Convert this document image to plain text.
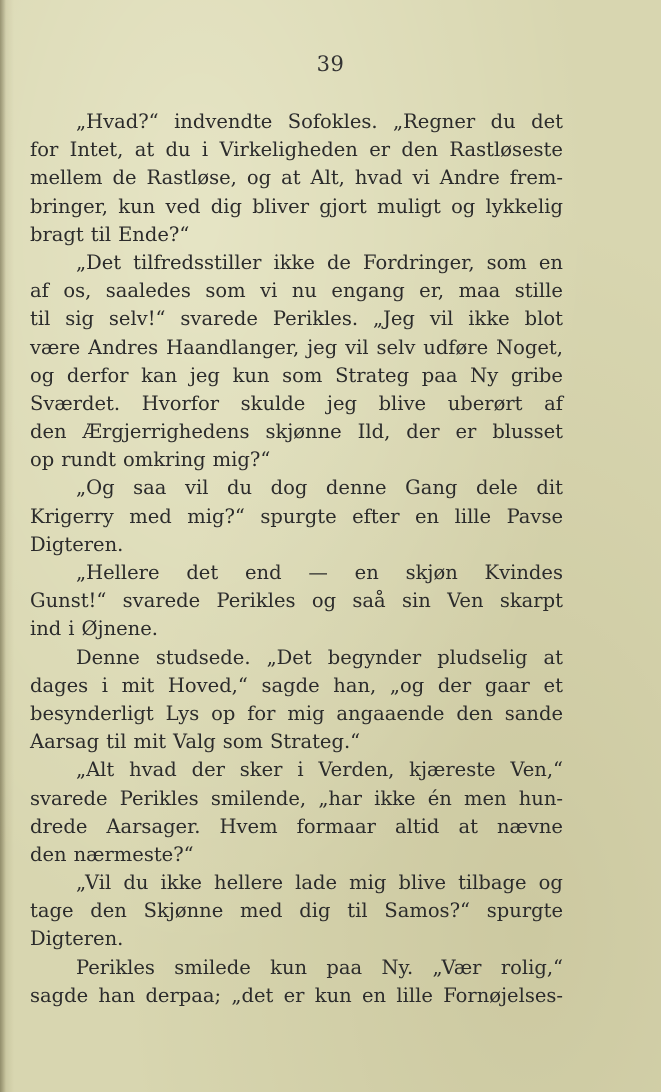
39
„Hvad?“ indvendte Sofokles. „Regner du det
for Intet, at du i Virkeligheden er den Rastløseste
mellem de Rastløse, og at Alt, hvad vi Andre frem-
bringer, kun ved dig bliver gjort muligt og lykkelig
bragt til Ende?“
„Det tilfredsstiller ikke de Fordringer, som en
af os, saaledes som vi nu engang er, maa stille
til sig selv!“ svarede Perikles. „Jeg vil ikke blot
være Andres Haandlanger, jeg vil selv udføre Noget,
og derfor kan jeg kun som Strateg paa Ny gribe
Sværdet. Hvorfor skulde jeg blive uberørt af
den Ærgjerrighedens skjønne Ild, der er blusset
op rundt omkring mig?“
„Og saa vil du dog denne Gang dele dit
Krigerry med mig?“ spurgte efter en lille Pavse
Digteren.
„Hellere det end — en skjøn Kvindes
Gunst!“ svarede Perikles og saå sin Ven skarpt
ind i Øjnene.
Denne studsede. „Det begynder pludselig at
dages i mit Hoved,“ sagde han, „og der gaar et
besynderligt Lys op for mig angaaende den sande
Aarsag til mit Valg som Strateg.“
„Alt hvad der sker i Verden, kjæreste Ven,“
svarede Perikles smilende, „har ikke én men hun-
drede Aarsager. Hvem formaar altid at nævne
den nærmeste?“
„Vil du ikke hellere lade mig blive tilbage og
tage den Skjønne med dig til Samos?“ spurgte
Digteren.
Perikles smilede kun paa Ny. „Vær rolig,“
sagde han derpaa; „det er kun en lille Fornøjelses-
